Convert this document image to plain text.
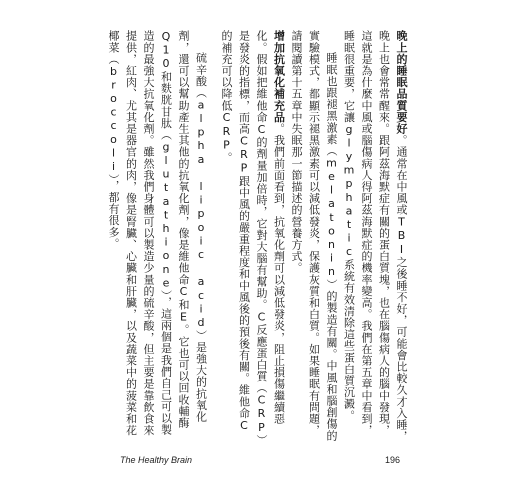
晚上的睡眠品質要好。通常在中風或TBI之後睡不好，可能會比較久才入睡，晚上也會常常醒來。跟阿茲海默症有關的蛋白質塊，也在腦傷病人的腦中發現，這就是為什麼中風或腦傷病人得阿茲海默症的機率變高。我們在第五章中看到，睡眠很重要，它讓glymphatic系統有效清除這些蛋白質沉澱。

睡眠也跟褪黑激素（melatonin）的製造有關。中風和腦創傷的實驗模式，都顯示褪黑激素可以減低發炎，保護灰質和白質。如果睡眠有問題，請閱讀第十五章中失眠那一節描述的營養方式。

增加抗氧化補充品。我們前面看到，抗氧化劑可以減低發炎，阻止損傷繼續惡化。假如把維他命C的劑量加倍時，它對大腦有幫助。C反應蛋白質（CRP）是發炎的指標，而高CRP跟中風的嚴重程度和中風後的預後有關。維他命C的補充可以降低CRP。

硫辛酸（alpha lipoic acid）是強大的抗氧化劑，還可以幫助產生其他的抗氧化劑，像是維他命C和E。它也可以回收輔酶Q10和麩胱甘肽（glutathione），這兩個是我們自己可以製造的最強大抗氧化劑。雖然我們身體可以製造少量的硫辛酸，但主要是靠飲食來提供，紅肉、尤其是器官的肉，像是腎臟、心臟和肝臟，以及蔬菜中的菠菜和花椰菜（broccoli），都有很多。

The Healthy Brain	196
